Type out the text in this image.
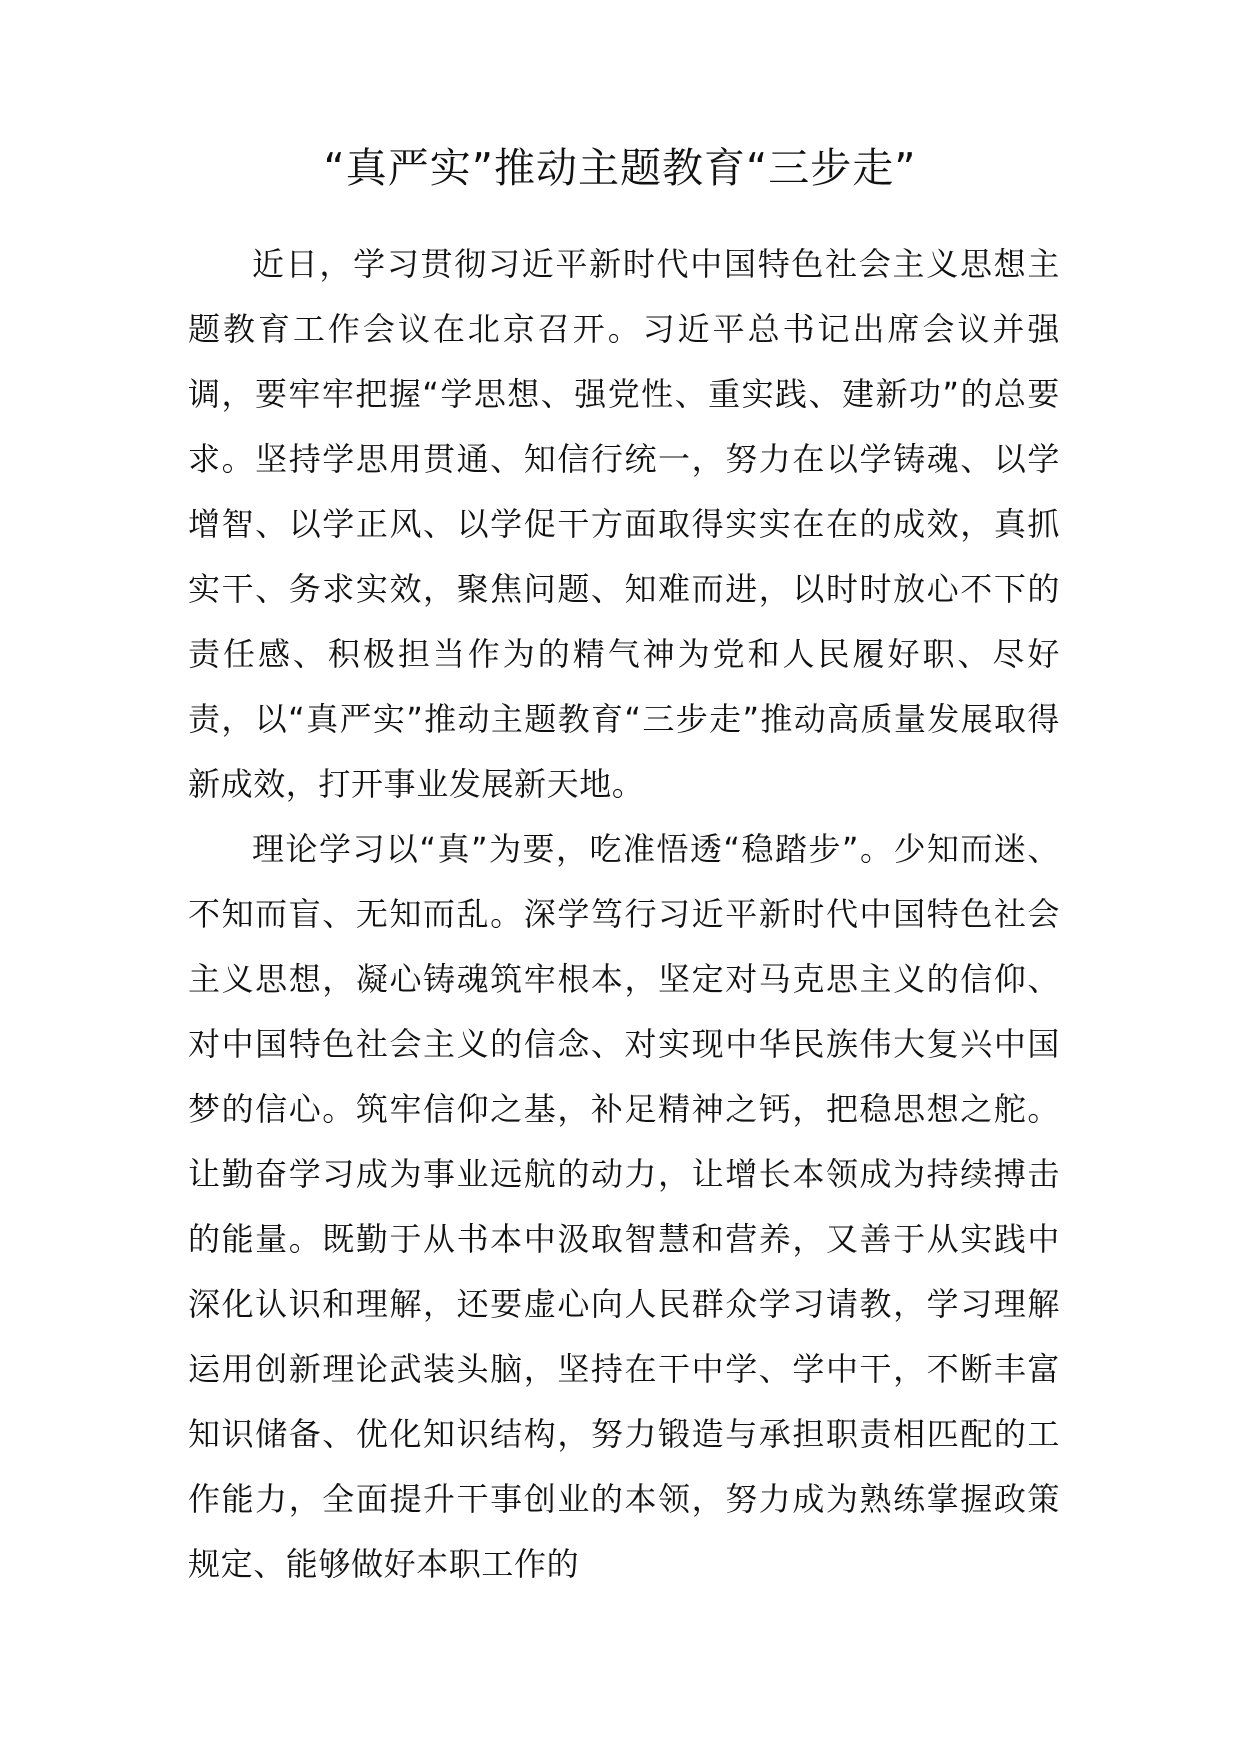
“真严实”推动主题教育“三步走”

近日，学习贯彻习近平新时代中国特色社会主义思想主题教育工作会议在北京召开。习近平总书记出席会议并强调，要牢牢把握“学思想、强党性、重实践、建新功”的总要求。坚持学思用贯通、知信行统一，努力在以学铸魂、以学增智、以学正风、以学促干方面取得实实在在的成效，真抓实干、务求实效，聚焦问题、知难而进，以时时放心不下的责任感、积极担当作为的精气神为党和人民履好职、尽好责，以“真严实”推动主题教育“三步走”推动高质量发展取得新成效，打开事业发展新天地。

理论学习以“真”为要，吃准悟透“稳踏步”。少知而迷、不知而盲、无知而乱。深学笃行习近平新时代中国特色社会主义思想，凝心铸魂筑牢根本，坚定对马克思主义的信仰、对中国特色社会主义的信念、对实现中华民族伟大复兴中国梦的信心。筑牢信仰之基，补足精神之钙，把稳思想之舵。让勤奋学习成为事业远航的动力，让增长本领成为持续搏击的能量。既勤于从书本中汲取智慧和营养，又善于从实践中深化认识和理解，还要虚心向人民群众学习请教，学习理解运用创新理论武装头脑，坚持在干中学、学中干，不断丰富知识储备、优化知识结构，努力锻造与承担职责相匹配的工作能力，全面提升干事创业的本领，努力成为熟练掌握政策规定、能够做好本职工作的
